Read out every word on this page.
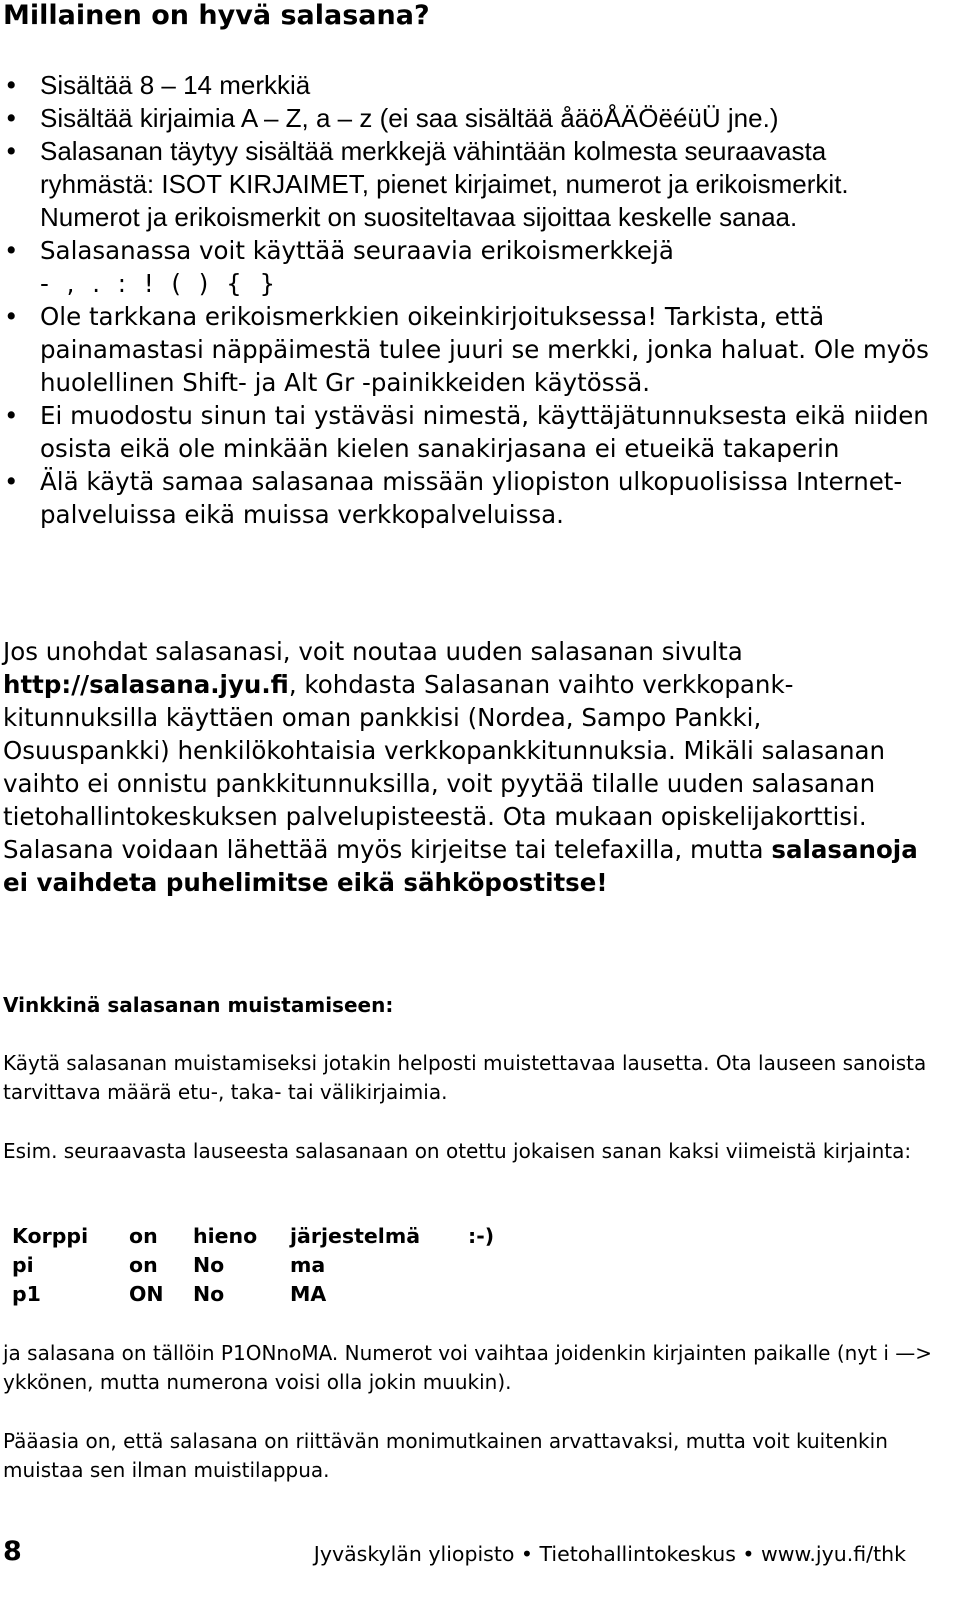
Millainen on hyvä salasana?
• Sisältää 8 – 14 merkkiä
• Sisältää kirjaimia A – Z, a – z (ei saa sisältää åäöÅÄÖëéüÜ jne.)
• Salasanan täytyy sisältää merkkejä vähintään kolmesta seuraavasta ryhmästä: ISOT KIRJAIMET, pienet kirjaimet, numerot ja erikoismerkit. Numerot ja erikoismerkit on suositeltavaa sijoittaa keskelle sanaa.
• Salasanassa voit käyttää seuraavia erikoismerkkejä
- , . : ! ( ) { }
• Ole tarkkana erikoismerkkien oikeinkirjoituksessa! Tarkista, että painamastasi näppäimestä tulee juuri se merkki, jonka haluat. Ole myös huolellinen Shift- ja Alt Gr -painikkeiden käytössä.
• Ei muodostu sinun tai ystäväsi nimestä, käyttäjätunnuksesta eikä niiden osista eikä ole minkään kielen sanakirjasana ei etueikä takaperin
• Älä käytä samaa salasanaa missään yliopiston ulkopuolisissa Internet-palveluissa eikä muissa verkkopalveluissa.

Jos unohdat salasanasi, voit noutaa uuden salasanan sivulta
http://salasana.jyu.fi, kohdasta Salasanan vaihto verkkopankkitunnuksilla käyttäen oman pankkisi (Nordea, Sampo Pankki, Osuuspankki) henkilökohtaisia verkkopankkitunnuksia. Mikäli salasanan vaihto ei onnistu pankkitunnuksilla, voit pyytää tilalle uuden salasanan tietohallintokeskuksen palvelupisteestä. Ota mukaan opiskelijakorttisi. Salasana voidaan lähettää myös kirjeitse tai telefaxilla, mutta salasanoja ei vaihdeta puhelimitse eikä sähköpostitse!

Vinkkinä salasanan muistamiseen:

Käytä salasanan muistamiseksi jotakin helposti muistettavaa lausetta. Ota lauseen sanoista tarvittava määrä etu-, taka- tai välikirjaimia.

Esim. seuraavasta lauseesta salasanaan on otettu jokaisen sanan kaksi viimeistä kirjainta:

Korppi	on	hieno	järjestelmä	:-)
pi	on	No	ma	
p1	ON	No	MA	

ja salasana on tällöin P1ONnoMA. Numerot voi vaihtaa joidenkin kirjainten paikalle (nyt i —> ykkönen, mutta numerona voisi olla jokin muukin).

Pääasia on, että salasana on riittävän monimutkainen arvattavaksi, mutta voit kuitenkin muistaa sen ilman muistilappua.

8	Jyväskylän yliopisto • Tietohallintokeskus • www.jyu.fi/thk
